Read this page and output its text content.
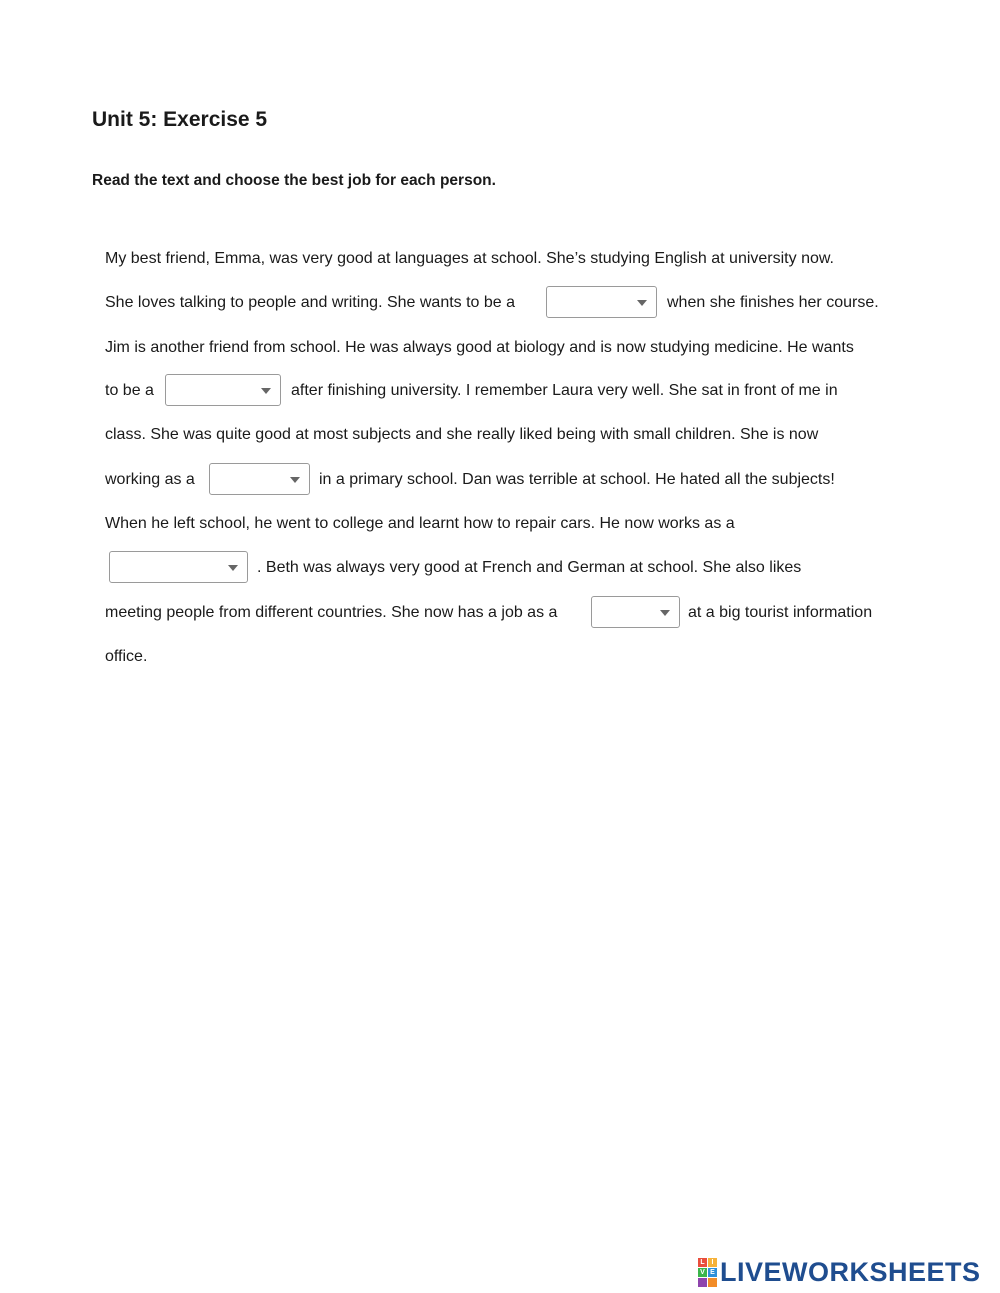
Unit 5: Exercise 5

Read the text and choose the best job for each person.

My best friend, Emma, was very good at languages at school. She’s studying English at university now.
She loves talking to people and writing. She wants to be a	when she finishes her course.
Jim is another friend from school. He was always good at biology and is now studying medicine. He wants
to be a	after finishing university. I remember Laura very well. She sat in front of me in
class. She was quite good at most subjects and she really liked being with small children. She is now
working as a	in a primary school. Dan was terrible at school. He hated all the subjects!
When he left school, he went to college and learnt how to repair cars. He now works as a
. Beth was always very good at French and German at school. She also likes
meeting people from different countries. She now has a job as a	at a big tourist information
office.
L I
V E LIVEWORKSHEETS
